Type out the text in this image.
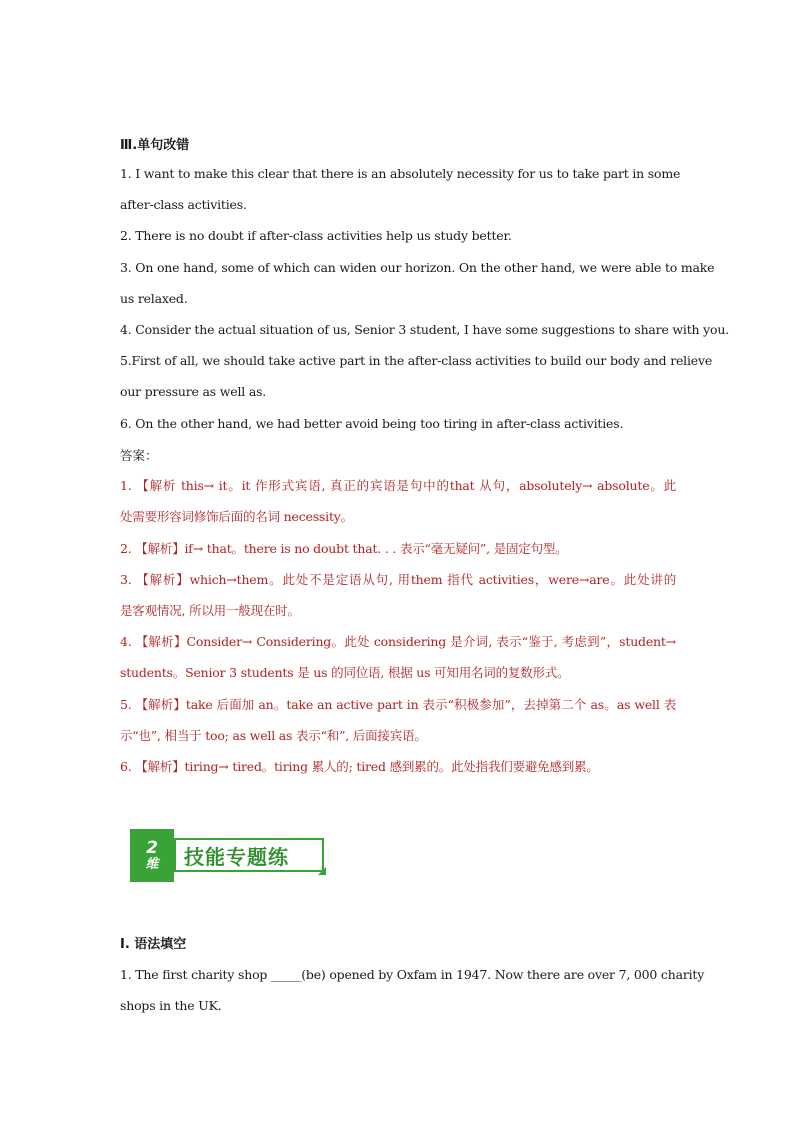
Ⅲ.单句改错
1. I want to make this clear that there is an absolutely necessity for us to take part in some
after-class activities.
2. There is no doubt if after-class activities help us study better.
3. On one hand, some of which can widen our horizon. On the other hand, we were able to make
us relaxed.
4. Consider the actual situation of us, Senior 3 student, I have some suggestions to share with you.
5.First of all, we should take active part in the after-class activities to build our body and relieve
our pressure as well as.
6. On the other hand, we had better avoid being too tiring in after-class activities.
答案：
1. 【解析 this→ it。it 作形式宾语, 真正的宾语是句中的that 从句，absolutely→ absolute。此
处需要形容词修饰后面的名词 necessity。
2. 【解析】if→ that。there is no doubt that. . . 表示“毫无疑问”, 是固定句型。
3. 【解析】which→them。此处不是定语从句, 用them 指代 activities，were→are。此处讲的
是客观情况, 所以用一般现在时。
4. 【解析】Consider→ Considering。此处 considering 是介词, 表示“鉴于, 考虑到”，student→
students。Senior 3 students 是 us 的同位语, 根据 us 可知用名词的复数形式。
5. 【解析】take 后面加 an。take an active part in 表示“积极参加”，去掉第二个 as。as well 表
示“也”, 相当于 too; as well as 表示“和”, 后面接宾语。
6. 【解析】tiring→ tired。tiring 累人的; tired 感到累的。此处指我们要避免感到累。
2
维 技能专题练
I. 语法填空
1. The first charity shop _____(be) opened by Oxfam in 1947. Now there are over 7, 000 charity
shops in the UK.
